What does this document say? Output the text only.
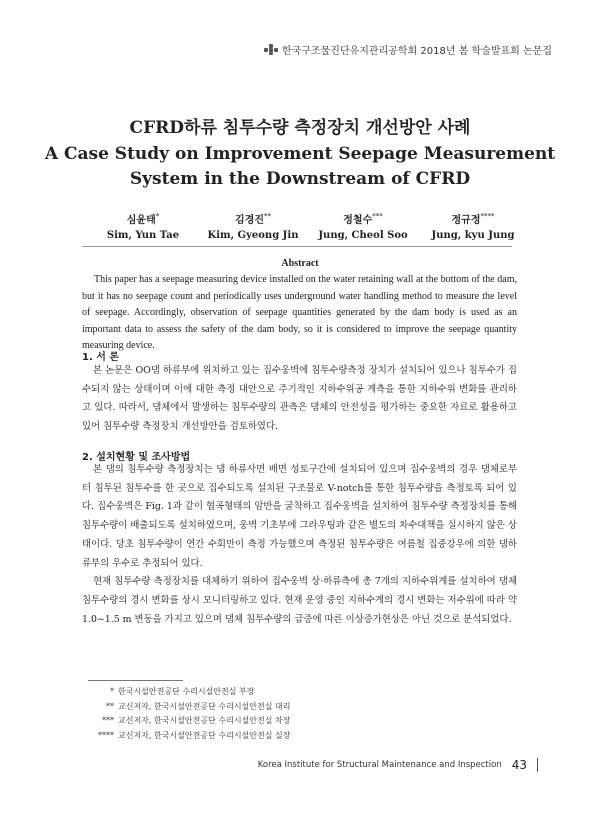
한국구조물진단유지관리공학회 2018년 봄 학술발표회 논문집
CFRD하류 침투수량 측정장치 개선방안 사례
A Case Study on Improvement Seepage Measurement
System in the Downstream of CFRD
심윤태*
Sim, Yun Tae
김경진**
Kim, Gyeong Jin
정철수***
Jung, Cheol Soo
정규정****
Jung, kyu Jung
Abstract
This paper has a seepage measuring device installed on the water retaining wall at the bottom of the dam, but it has no seepage count and periodically uses underground water handling method to measure the level of seepage. Accordingly, observation of seepage quantities generated by the dam body is used as an important data to assess the safety of the dam body, so it is considered to improve the seepage quantity measuring device.
1. 서 론

본 논문은 OO댐 하류부에 위치하고 있는 집수웅벽에 침투수량측정 장치가 설치되어 있으나 침투수가 집수되지 않는 상태이며 이에 대한 측정 대안으로 주기적인 지하수위공 계측을 통한 지하수위 변화를 관리하고 있다. 따라서, 댐체에서 발생하는 침투수량의 관측은 댐체의 안전성을 평가하는 중요한 자료로 활용하고 있어 침투수량 측정장치 개선방안을 검토하였다.

2. 설치현황 및 조사방법

본 댐의 침투수량 측정장치는 댐 하류사면 배면 성토구간에 설치되어 있으며 집수웅벽의 경우 댐체로부터 침투된 침투수를 한 곳으로 집수되도록 설치된 구조물로 V-notch를 통한 침투수량을 측정토록 되어 있다. 집수웅벽은 Fig. 1과 같이 협곡형태의 암반을 굴착하고 집수웅벽을 설치하여 침투수량 측정장치를 통해 침투수량이 배출되도록 설치하였으며, 웅벽 기초부에 그라우팅과 같은 별도의 차수대책을 실시하지 않은 상태이다. 당초 침투수량이 연간 수회만이 측정 가능했으며 측정된 침투수량은 여름철 집중강우에 의한 댐하류부의 우수로 추정되어 있다.

현재 침투수량 측정장치를 대체하기 위하여 집수웅벽 상·하류측에 총 7개의 지하수위계를 설치하여 댐체 침투수량의 경시 변화를 상시 모니터링하고 있다. 현재 운영 중인 지하수계의 경시 변화는 저수위에 따라 약 1.0~1.5 m 변동을 가지고 있으며 댐체 침투수량의 급증에 따른 이상증가현상은 아닌 것으로 분석되었다.

* 한국시설안전공단 수리시설안전실 부장
** 교신저자, 한국시설안전공단 수리시설안전실 대리
*** 교신저자, 한국시설안전공단 수리시설안전실 차장
**** 교신저자, 한국시설안전공단 수리시설안전실 실장
Korea Institute for Structural Maintenance and Inspection 43
